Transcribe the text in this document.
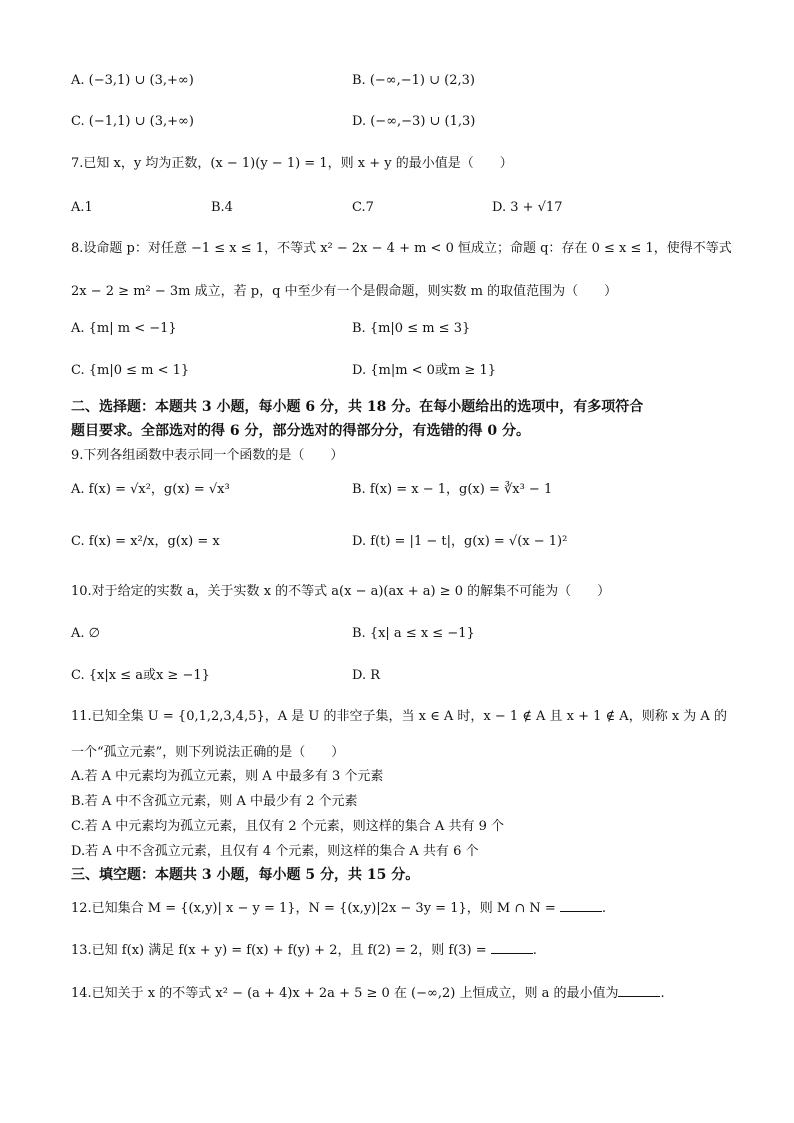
A. (−3,1) ∪ (3,+∞)	B. (−∞,−1) ∪ (2,3)
C. (−1,1) ∪ (3,+∞)	D. (−∞,−3) ∪ (1,3)
7.已知 x，y 均为正数，(x − 1)(y − 1) = 1，则 x + y 的最小值是（　　）
A.1	B.4	C.7	D. 3 + √17
8.设命题 p：对任意 −1 ≤ x ≤ 1，不等式 x² − 2x − 4 + m < 0 恒成立；命题 q：存在 0 ≤ x ≤ 1，使得不等式
2x − 2 ≥ m² − 3m 成立，若 p，q 中至少有一个是假命题，则实数 m 的取值范围为（　　）
A. {m| m < −1}	B. {m|0 ≤ m ≤ 3}
C. {m|0 ≤ m < 1}	D. {m|m < 0或m ≥ 1}
二、选择题：本题共 3 小题，每小题 6 分，共 18 分。在每小题给出的选项中，有多项符合
题目要求。全部选对的得 6 分，部分选对的得部分分，有选错的得 0 分。
9.下列各组函数中表示同一个函数的是（　　）
A. f(x) = √x²，g(x) = √x³	B. f(x) = x − 1，g(x) = ∛x³ − 1
C. f(x) = x²/x，g(x) = x	D. f(t) = |1 − t|，g(x) = √(x − 1)²
10.对于给定的实数 a，关于实数 x 的不等式 a(x − a)(ax + a) ≥ 0 的解集不可能为（　　）
A. ∅	B. {x| a ≤ x ≤ −1}
C. {x|x ≤ a或x ≥ −1}	D. R
11.已知全集 U = {0,1,2,3,4,5}，A 是 U 的非空子集，当 x ∈ A 时，x − 1 ∉ A 且 x + 1 ∉ A，则称 x 为 A 的
一个“孤立元素”，则下列说法正确的是（　　）
A.若 A 中元素均为孤立元素，则 A 中最多有 3 个元素
B.若 A 中不含孤立元素，则 A 中最少有 2 个元素
C.若 A 中元素均为孤立元素，且仅有 2 个元素，则这样的集合 A 共有 9 个
D.若 A 中不含孤立元素，且仅有 4 个元素，则这样的集合 A 共有 6 个
三、填空题：本题共 3 小题，每小题 5 分，共 15 分。
12.已知集合 M = {(x,y)| x − y = 1}，N = {(x,y)|2x − 3y = 1}，则 M ∩ N =	.
13.已知 f(x) 满足 f(x + y) = f(x) + f(y) + 2，且 f(2) = 2，则 f(3) =	.
14.已知关于 x 的不等式 x² − (a + 4)x + 2a + 5 ≥ 0 在 (−∞,2) 上恒成立，则 a 的最小值为	.
